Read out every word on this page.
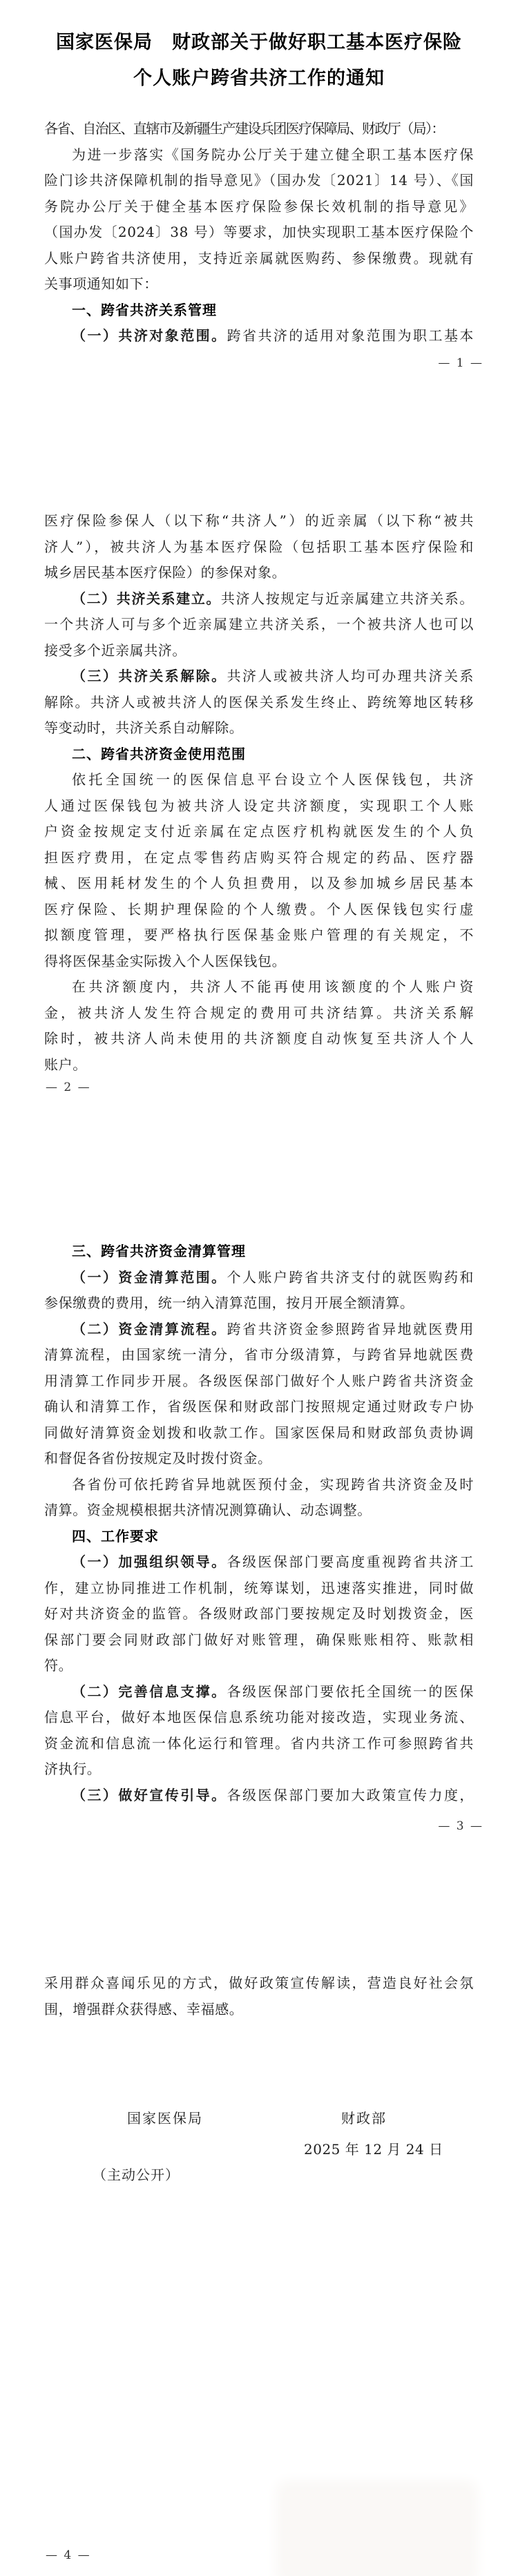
国家医保局　财政部关于做好职工基本医疗保险
个人账户跨省共济工作的通知
各省、自治区、直辖市及新疆生产建设兵团医疗保障局、财政厅（局）：
为进一步落实《国务院办公厅关于建立健全职工基本医疗保
险门诊共济保障机制的指导意见》（国办发〔2021〕14 号）、《国
务院办公厅关于健全基本医疗保险参保长效机制的指导意见》
（国办发〔2024〕38 号）等要求，加快实现职工基本医疗保险个
人账户跨省共济使用，支持近亲属就医购药、参保缴费。现就有
关事项通知如下：
一、跨省共济关系管理
（一）共济对象范围。跨省共济的适用对象范围为职工基本
— 1 —
医疗保险参保人（以下称“共济人”）的近亲属（以下称“被共
济人”），被共济人为基本医疗保险（包括职工基本医疗保险和
城乡居民基本医疗保险）的参保对象。
（二）共济关系建立。共济人按规定与近亲属建立共济关系。
一个共济人可与多个近亲属建立共济关系，一个被共济人也可以
接受多个近亲属共济。
（三）共济关系解除。共济人或被共济人均可办理共济关系
解除。共济人或被共济人的医保关系发生终止、跨统筹地区转移
等变动时，共济关系自动解除。
二、跨省共济资金使用范围
依托全国统一的医保信息平台设立个人医保钱包，共济
人通过医保钱包为被共济人设定共济额度，实现职工个人账
户资金按规定支付近亲属在定点医疗机构就医发生的个人负
担医疗费用，在定点零售药店购买符合规定的药品、医疗器
械、医用耗材发生的个人负担费用，以及参加城乡居民基本
医疗保险、长期护理保险的个人缴费。个人医保钱包实行虚
拟额度管理，要严格执行医保基金账户管理的有关规定，不
得将医保基金实际拨入个人医保钱包。
在共济额度内，共济人不能再使用该额度的个人账户资
金，被共济人发生符合规定的费用可共济结算。共济关系解
除时，被共济人尚未使用的共济额度自动恢复至共济人个人
账户。
— 2 —
三、跨省共济资金清算管理
（一）资金清算范围。个人账户跨省共济支付的就医购药和
参保缴费的费用，统一纳入清算范围，按月开展全额清算。
（二）资金清算流程。跨省共济资金参照跨省异地就医费用
清算流程，由国家统一清分，省市分级清算，与跨省异地就医费
用清算工作同步开展。各级医保部门做好个人账户跨省共济资金
确认和清算工作，省级医保和财政部门按照规定通过财政专户协
同做好清算资金划拨和收款工作。国家医保局和财政部负责协调
和督促各省份按规定及时拨付资金。
各省份可依托跨省异地就医预付金，实现跨省共济资金及时
清算。资金规模根据共济情况测算确认、动态调整。
四、工作要求
（一）加强组织领导。各级医保部门要高度重视跨省共济工
作，建立协同推进工作机制，统筹谋划，迅速落实推进，同时做
好对共济资金的监管。各级财政部门要按规定及时划拨资金，医
保部门要会同财政部门做好对账管理，确保账账相符、账款相
符。
（二）完善信息支撑。各级医保部门要依托全国统一的医保
信息平台，做好本地医保信息系统功能对接改造，实现业务流、
资金流和信息流一体化运行和管理。省内共济工作可参照跨省共
济执行。
（三）做好宣传引导。各级医保部门要加大政策宣传力度，
— 3 —
采用群众喜闻乐见的方式，做好政策宣传解读，营造良好社会氛
围，增强群众获得感、幸福感。
国家医保局	财政部
2025 年 12 月 24 日
（主动公开）
— 4 —
